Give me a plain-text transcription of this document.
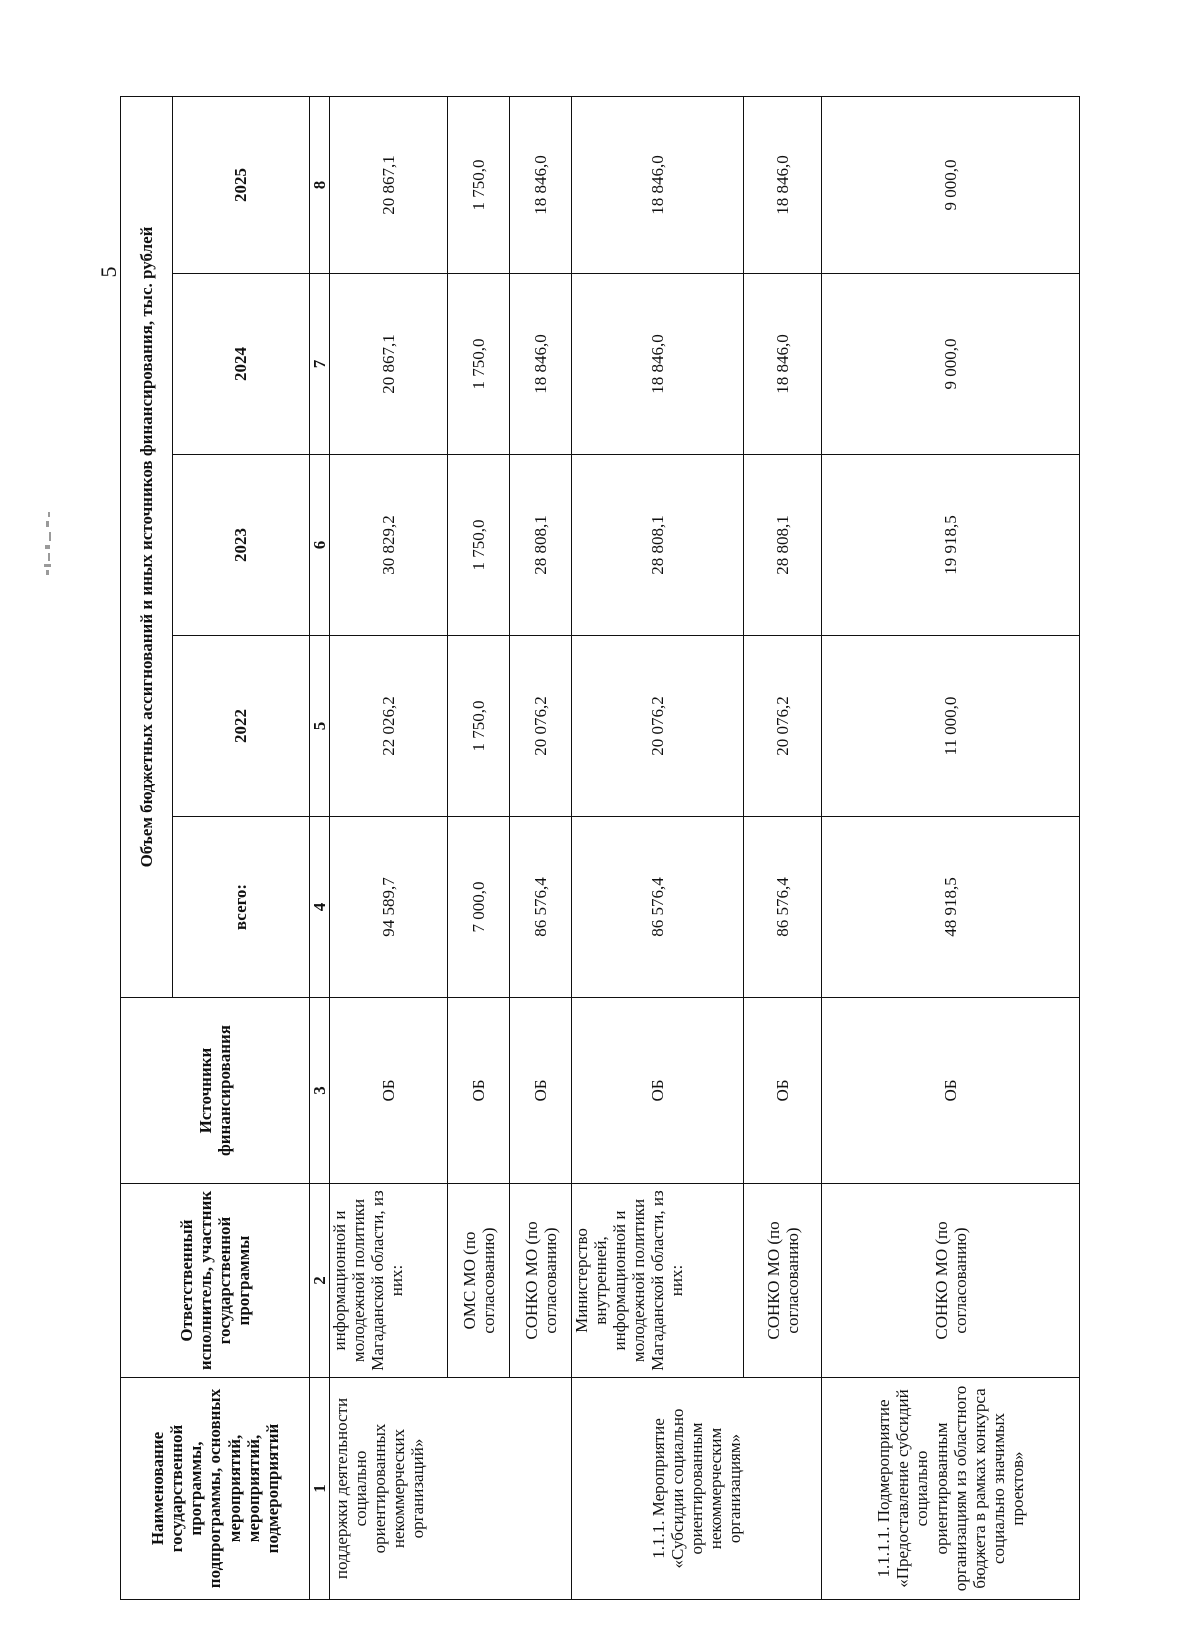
5
Наименование государственной программы, подпрограммы, основных мероприятий, мероприятий, подмероприятий	Ответственный исполнитель, участник государственной программы	Источники финансирования	Объем бюджетных ассигнований и иных источников финансирования, тыс. рублей				
			всего:	2022	2023	2024	2025
1	2	3	4	5	6	7	8
поддержки деятельности социально ориентированных некоммерческих организаций»	информационной и молодежной политики Магаданской области, из них:	ОБ	94 589,7	22 026,2	30 829,2	20 867,1	20 867,1
	ОМС МО (по согласованию)	ОБ	7 000,0	1 750,0	1 750,0	1 750,0	1 750,0
	СОНКО МО (по согласованию)	ОБ	86 576,4	20 076,2	28 808,1	18 846,0	18 846,0
1.1.1. Мероприятие «Субсидии социально ориентированным некоммерческим организациям»	Министерство внутренней, информационной и молодежной политики Магаданской области, из них:	ОБ	86 576,4	20 076,2	28 808,1	18 846,0	18 846,0
	СОНКО МО (по согласованию)	ОБ	86 576,4	20 076,2	28 808,1	18 846,0	18 846,0
1.1.1.1. Подмероприятие «Предоставление субсидий социально ориентированным организациям из областного бюджета в рамках конкурса социально значимых проектов»	СОНКО МО (по согласованию)	ОБ	48 918,5	11 000,0	19 918,5	9 000,0	9 000,0
